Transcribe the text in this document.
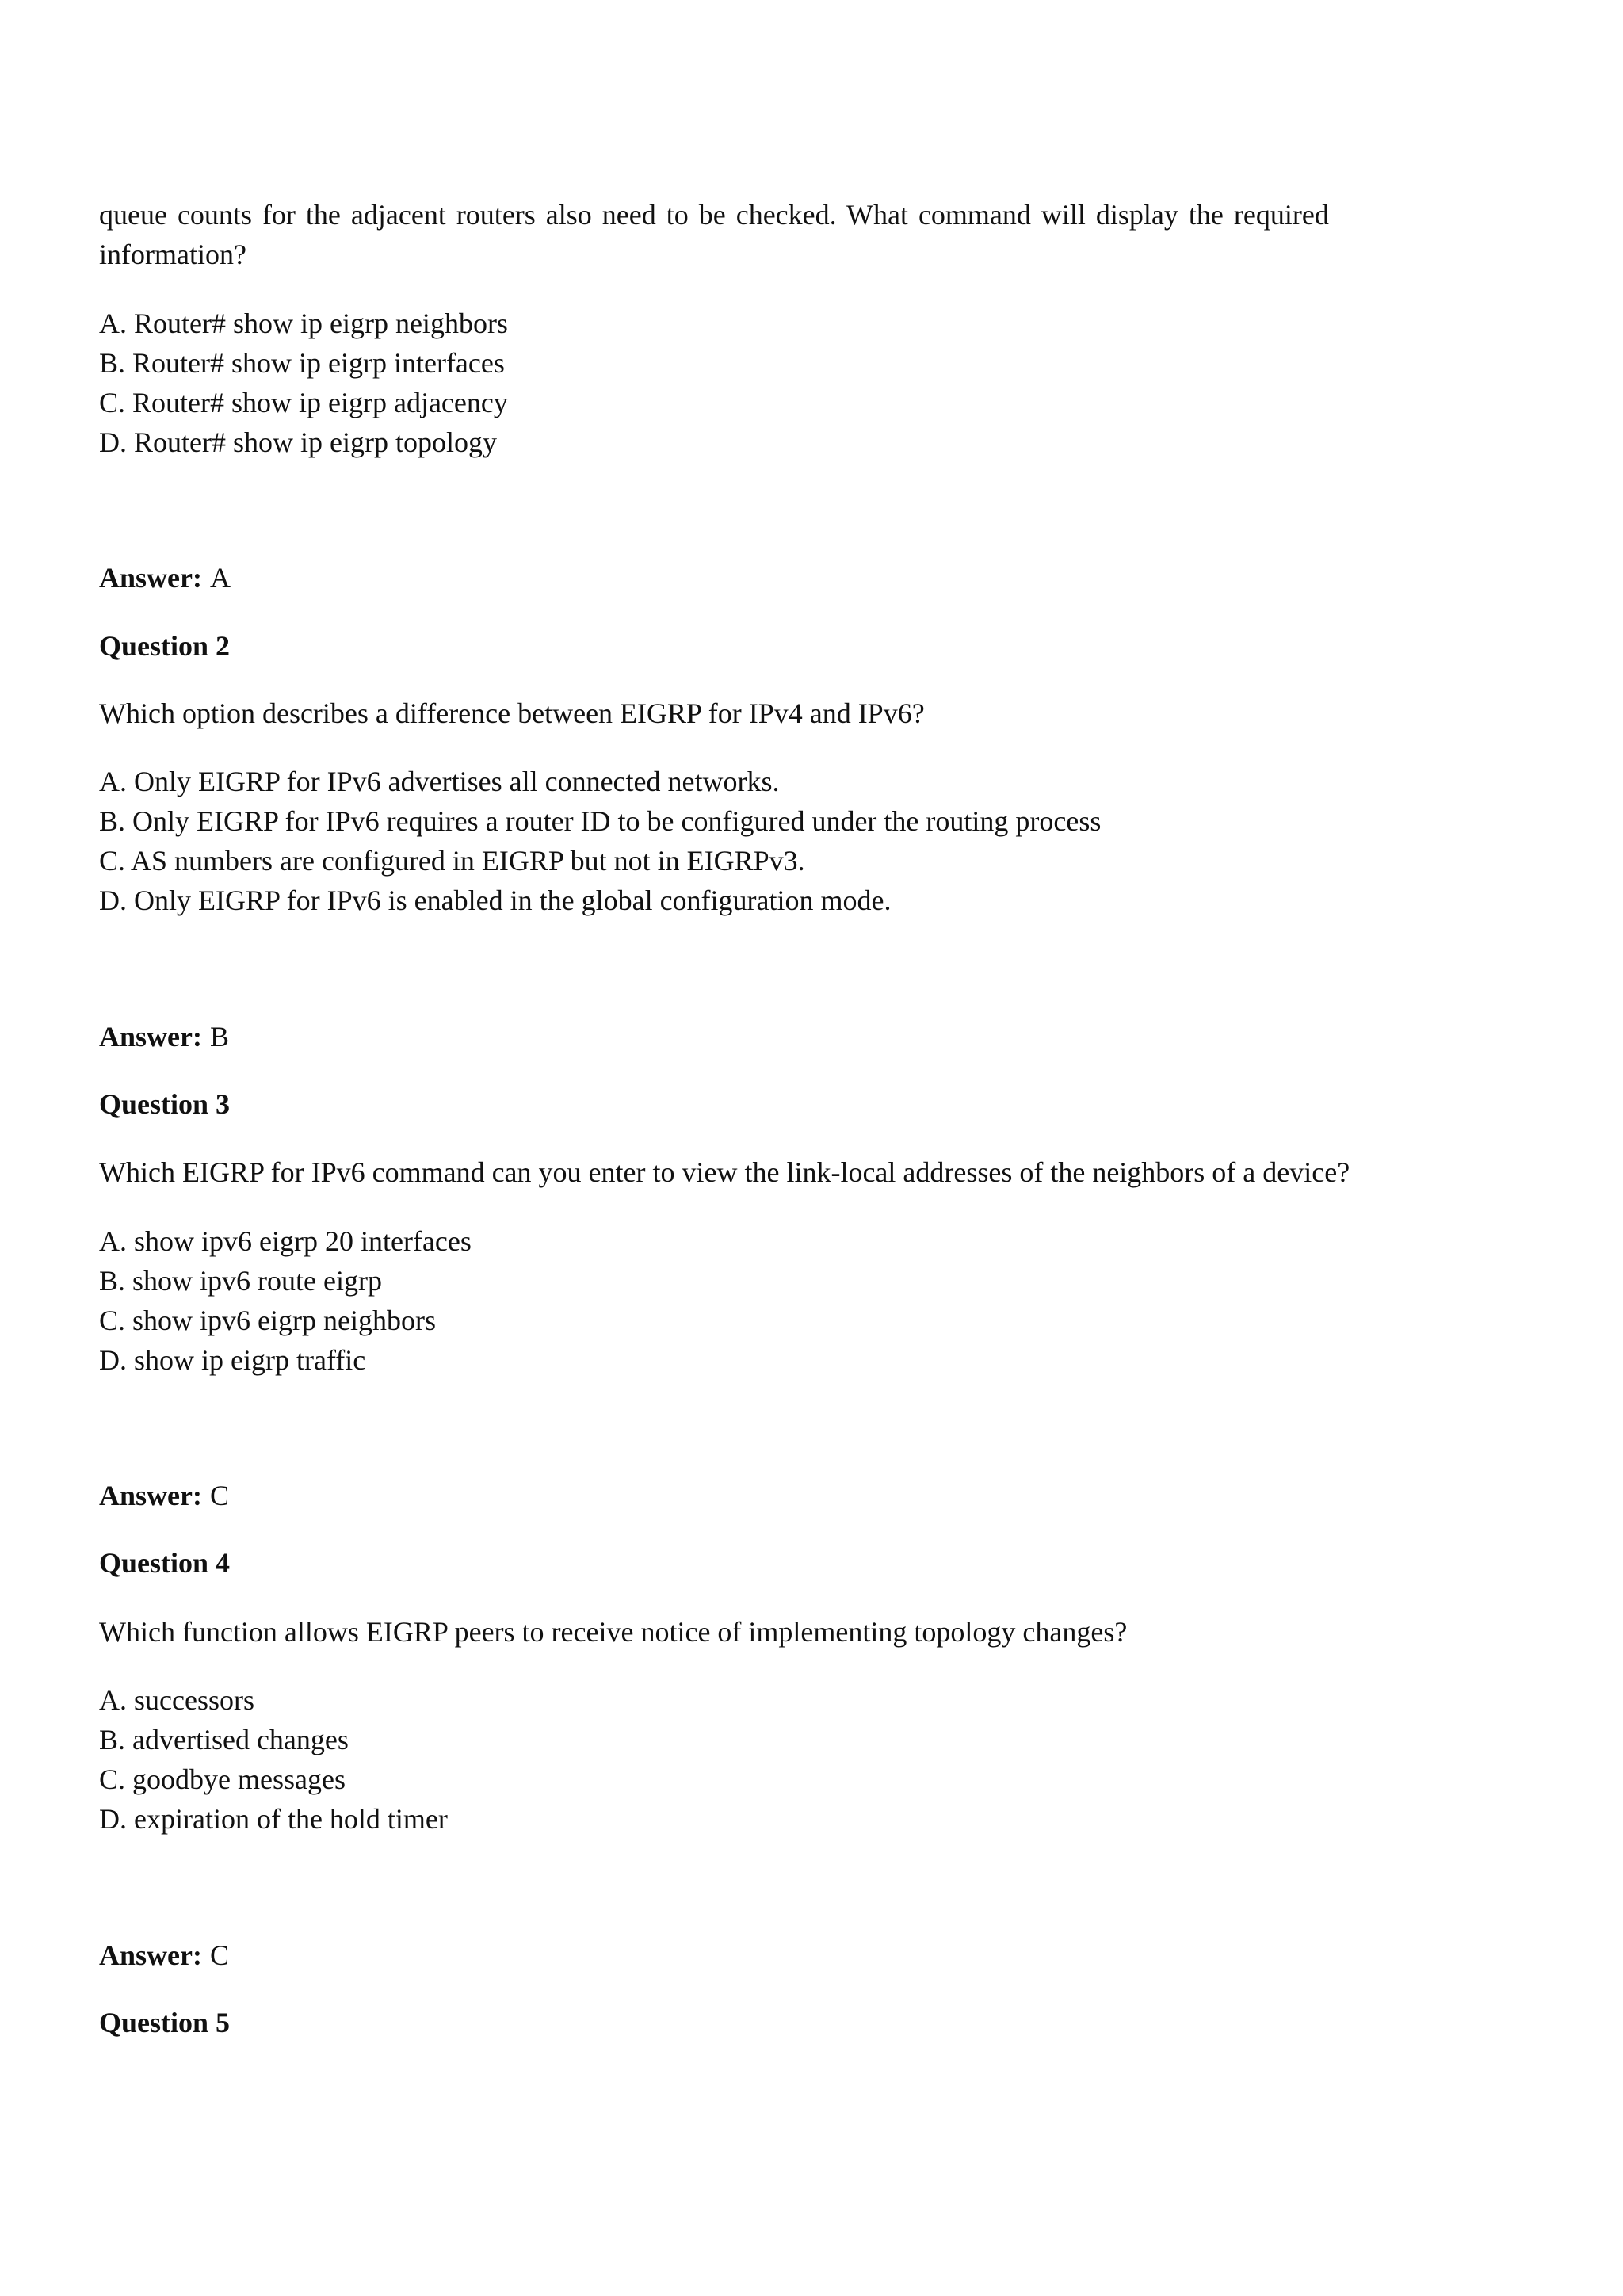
queue counts for the adjacent routers also need to be checked. What command will display the required
information?

A. Router# show ip eigrp neighbors
B. Router# show ip eigrp interfaces
C. Router# show ip eigrp adjacency
D. Router# show ip eigrp topology
Answer: A
Question 2
Which option describes a difference between EIGRP for IPv4 and IPv6?
A. Only EIGRP for IPv6 advertises all connected networks.
B. Only EIGRP for IPv6 requires a router ID to be configured under the routing process
C. AS numbers are configured in EIGRP but not in EIGRPv3.
D. Only EIGRP for IPv6 is enabled in the global configuration mode.
Answer: B
Question 3
Which EIGRP for IPv6 command can you enter to view the link-local addresses of the neighbors of a device?
A. show ipv6 eigrp 20 interfaces
B. show ipv6 route eigrp
C. show ipv6 eigrp neighbors
D. show ip eigrp traffic
Answer: C
Question 4
Which function allows EIGRP peers to receive notice of implementing topology changes?
A. successors
B. advertised changes
C. goodbye messages
D. expiration of the hold timer
Answer: C
Question 5
